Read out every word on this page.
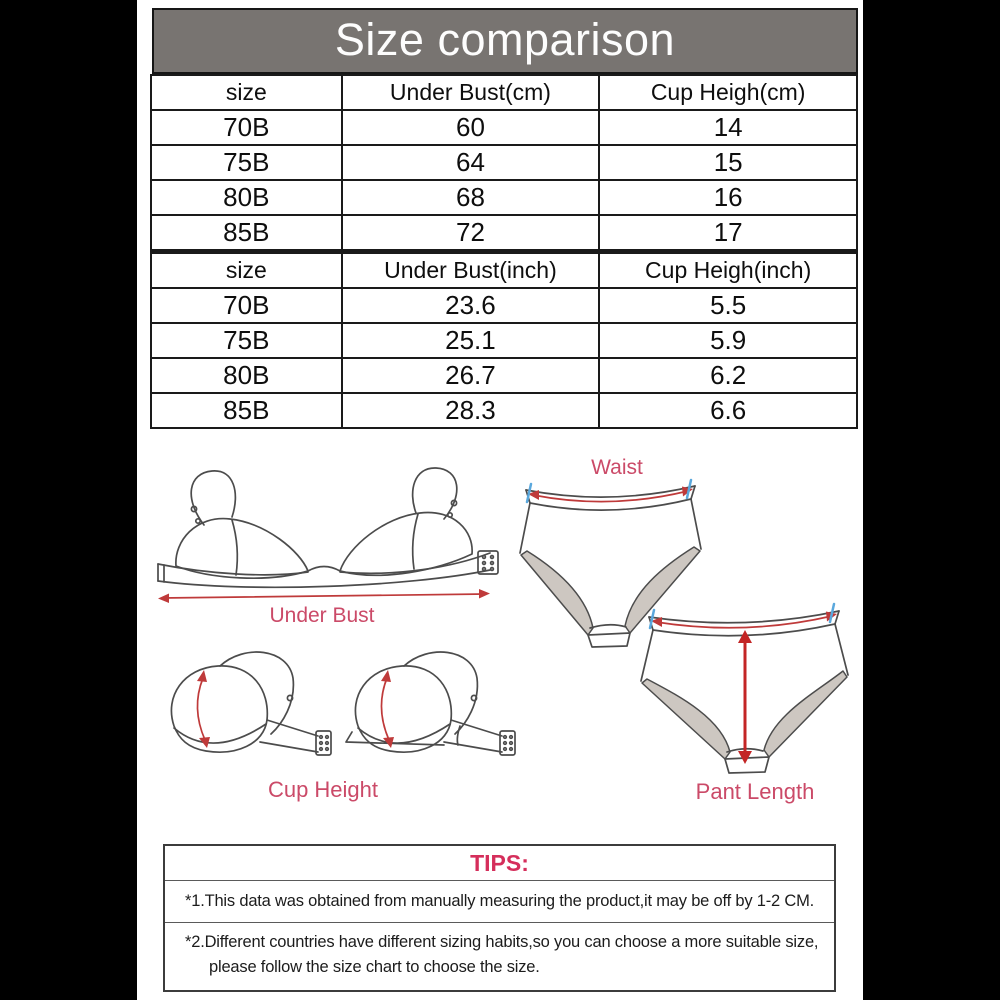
Size comparison
size	Under Bust(cm)	Cup Heigh(cm)
70B	60	14
75B	64	15
80B	68	16
85B	72	17
size	Under Bust(inch)	Cup Heigh(inch)
70B	23.6	5.5
75B	25.1	5.9
80B	26.7	6.2
85B	28.3	6.6
Under Bust
Waist
Pant Length
Cup Height
TIPS:
*1.This data was obtained from manually measuring the product,it may be off by 1-2 CM.
*2.Different countries have different sizing habits,so you can choose a more suitable size,
please follow the size chart to choose the size.
